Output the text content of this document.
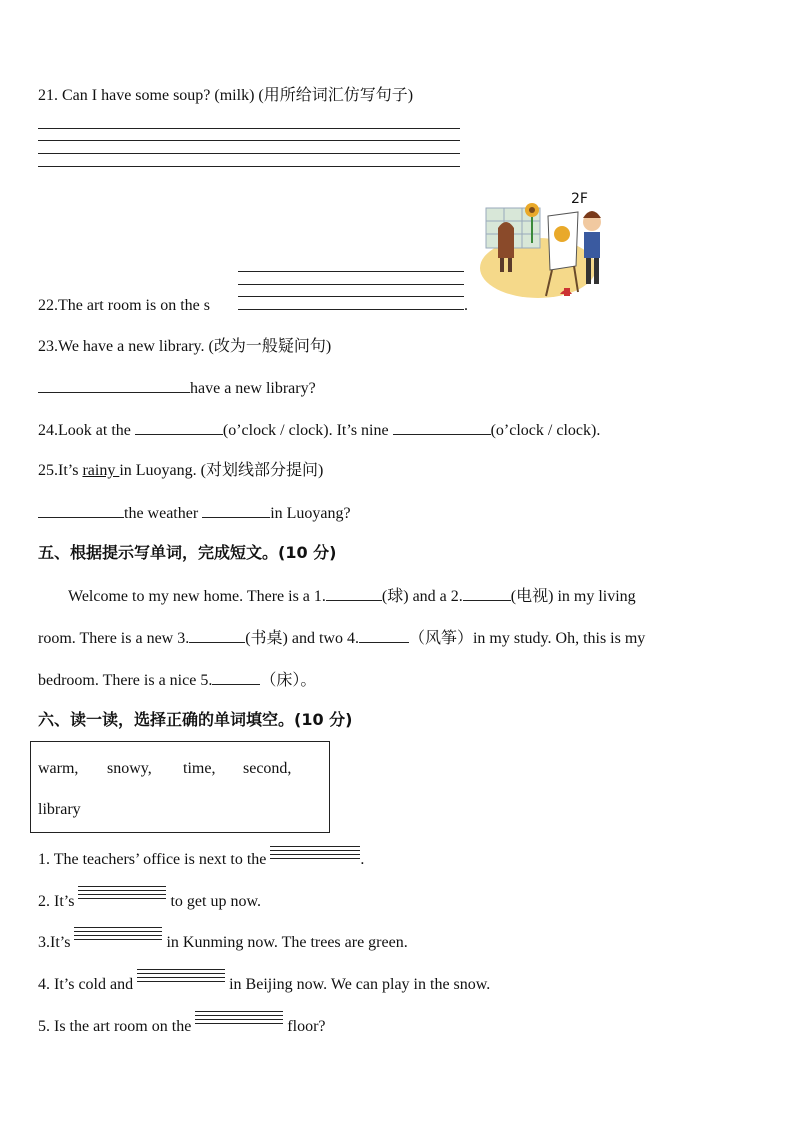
21. Can I have some soup? (milk) (用所给词汇仿写句子)
2F
22.The art room is on the s	.
23.We have a new library. (改为一般疑问句)
have a new library?
24.Look at the	(o’clock / clock). It’s nine	(o’clock / clock).
25.It’s rainy in Luoyang. (对划线部分提问)
the weather	in Luoyang?
五、根据提示写单词，完成短文。(10 分)
Welcome to my new home. There is a 1.	(球) and a 2.	(电视) in my living
room. There is a new 3.	(书桌) and two 4.	（风筝）in my study. Oh, this is my
bedroom. There is a nice 5.	（床）。
六、读一读，选择正确的单词填空。(10 分)
warm, snowy, time, second,
library
1. The teachers’ office is next to the	.
2. It’s	to get up now.
3.It’s	in Kunming now. The trees are green.
4. It’s cold and	in Beijing now. We can play in the snow.
5. Is the art room on the	floor?
